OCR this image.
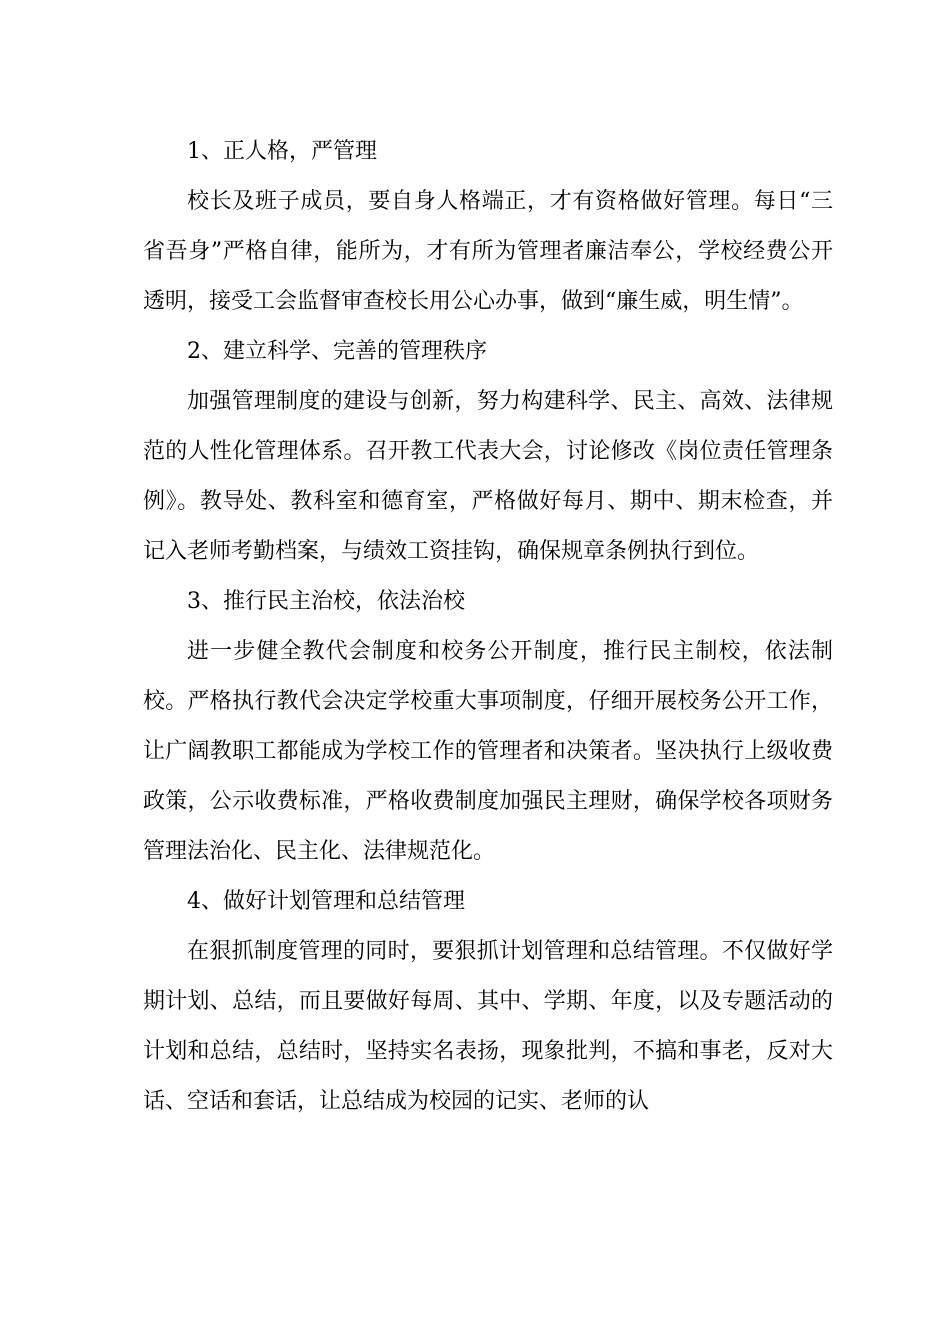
1、正人格，严管理

校长及班子成员，要自身人格端正，才有资格做好管理。每日“三省吾身”严格自律，能所为，才有所为管理者廉洁奉公，学校经费公开透明，接受工会监督审查校长用公心办事，做到“廉生威，明生情”。

2、建立科学、完善的管理秩序

加强管理制度的建设与创新，努力构建科学、民主、高效、法律规范的人性化管理体系。召开教工代表大会，讨论修改《岗位责任管理条例》。教导处、教科室和德育室，严格做好每月、期中、期末检查，并记入老师考勤档案，与绩效工资挂钩，确保规章条例执行到位。

3、推行民主治校，依法治校

进一步健全教代会制度和校务公开制度，推行民主制校，依法制校。严格执行教代会决定学校重大事项制度，仔细开展校务公开工作，让广阔教职工都能成为学校工作的管理者和决策者。坚决执行上级收费政策，公示收费标准，严格收费制度加强民主理财，确保学校各项财务管理法治化、民主化、法律规范化。

4、做好计划管理和总结管理

在狠抓制度管理的同时，要狠抓计划管理和总结管理。不仅做好学期计划、总结，而且要做好每周、其中、学期、年度，以及专题活动的计划和总结，总结时，坚持实名表扬，现象批判，不搞和事老，反对大话、空话和套话，让总结成为校园的记实、老师的认
